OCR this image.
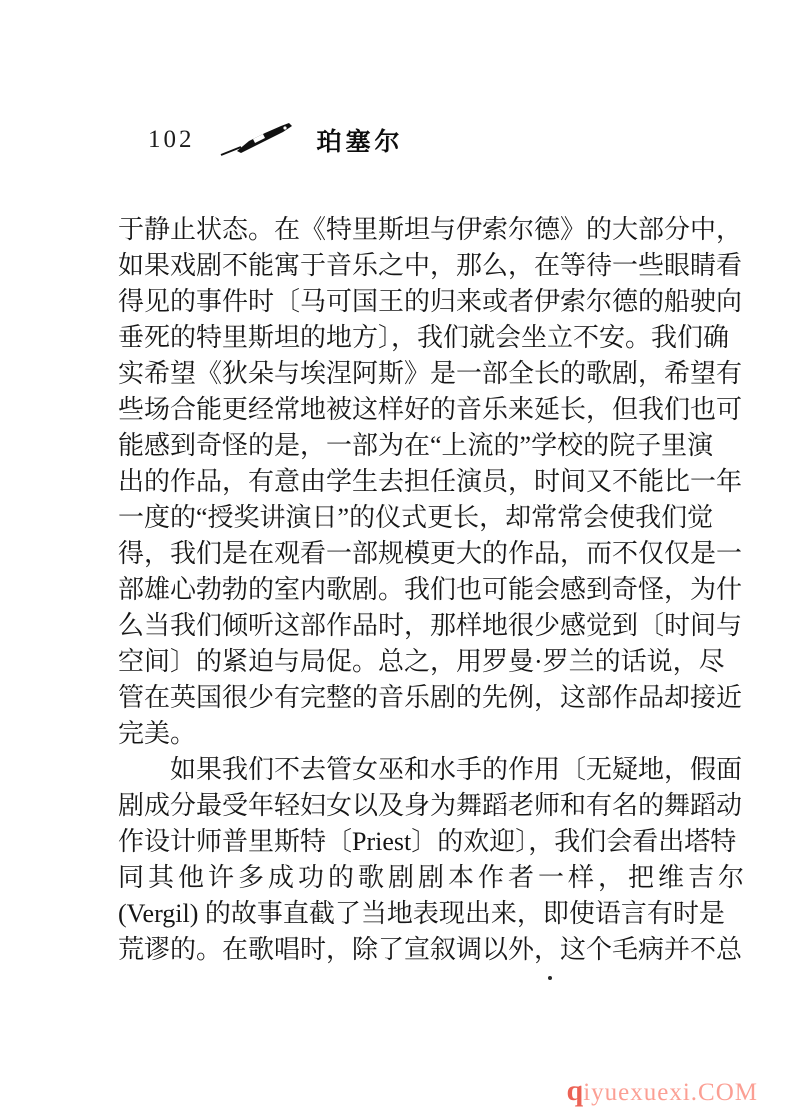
102	珀塞尔
于静止状态。在《特里斯坦与伊索尔德》的大部分中，
如果戏剧不能寓于音乐之中，那么，在等待一些眼睛看
得见的事件时〔马可国王的归来或者伊索尔德的船驶向
垂死的特里斯坦的地方〕，我们就会坐立不安。我们确
实希望《狄朵与埃涅阿斯》是一部全长的歌剧，希望有
些场合能更经常地被这样好的音乐来延长，但我们也可
能感到奇怪的是，一部为在“上流的”学校的院子里演
出的作品，有意由学生去担任演员，时间又不能比一年
一度的“授奖讲演日”的仪式更长，却常常会使我们觉
得，我们是在观看一部规模更大的作品，而不仅仅是一
部雄心勃勃的室内歌剧。我们也可能会感到奇怪，为什
么当我们倾听这部作品时，那样地很少感觉到〔时间与
空间〕的紧迫与局促。总之，用罗曼·罗兰的话说，尽
管在英国很少有完整的音乐剧的先例，这部作品却接近
完美。
如果我们不去管女巫和水手的作用〔无疑地，假面
剧成分最受年轻妇女以及身为舞蹈老师和有名的舞蹈动
作设计师普里斯特〔Priest〕的欢迎〕，我们会看出塔特
同其他许多成功的歌剧剧本作者一样，把维吉尔
(Vergil) 的故事直截了当地表现出来，即使语言有时是
荒谬的。在歌唱时，除了宣叙调以外，这个毛病并不总
qiyuexuexi.COM
